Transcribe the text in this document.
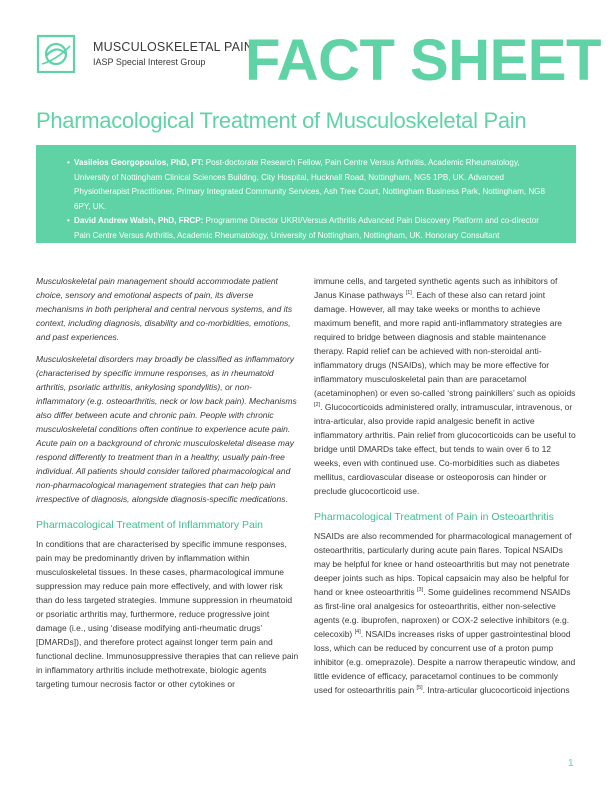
MUSCULOSKELETAL PAIN
IASP Special Interest Group FACT SHEET
Pharmacological Treatment of Musculoskeletal Pain
• Vasileios Georgopoulos, PhD, PT: Post-doctorate Research Fellow, Pain Centre Versus Arthritis, Academic Rheumatology, University of Nottingham Clinical Sciences Building, City Hospital, Hucknall Road, Nottingham, NG5 1PB, UK. Advanced Physiotherapist Practitioner, Primary Integrated Community Services, Ash Tree Court, Nottingham Business Park, Nottingham, NG8 6PY, UK.
• David Andrew Walsh, PhD, FRCP: Programme Director UKRI/Versus Arthritis Advanced Pain Discovery Platform and co-director Pain Centre Versus Arthritis, Academic Rheumatology, University of Nottingham, Nottingham, UK. Honorary Consultant Rheumatologist, Sherwood Forest Hospitals NHS Foundation Trust, UK.

Musculoskeletal pain management should accommodate patient choice, sensory and emotional aspects of pain, its diverse mechanisms in both peripheral and central nervous systems, and its context, including diagnosis, disability and co-morbidities, emotions, and past experiences.

Musculoskeletal disorders may broadly be classified as inflammatory (characterised by specific immune responses, as in rheumatoid arthritis, psoriatic arthritis, ankylosing spondylitis), or non-inflammatory (e.g. osteoarthritis, neck or low back pain). Mechanisms also differ between acute and chronic pain. People with chronic musculoskeletal conditions often continue to experience acute pain. Acute pain on a background of chronic musculoskeletal disease may respond differently to treatment than in a healthy, usually pain-free individual. All patients should consider tailored pharmacological and non-pharmacological management strategies that can help pain irrespective of diagnosis, alongside diagnosis-specific medications.

Pharmacological Treatment of Inflammatory Pain

In conditions that are characterised by specific immune responses, pain may be predominantly driven by inflammation within musculoskeletal tissues. In these cases, pharmacological immune suppression may reduce pain more effectively, and with lower risk than do less targeted strategies. Immune suppression in rheumatoid or psoriatic arthritis may, furthermore, reduce progressive joint damage (i.e., using ‘disease modifying anti-rheumatic drugs’ [DMARDs]), and therefore protect against longer term pain and functional decline. Immunosuppressive therapies that can relieve pain in inflammatory arthritis include methotrexate, biologic agents targeting tumour necrosis factor or other cytokines or

immune cells, and targeted synthetic agents such as inhibitors of Janus Kinase pathways [1]. Each of these also can retard joint damage. However, all may take weeks or months to achieve maximum benefit, and more rapid anti-inflammatory strategies are required to bridge between diagnosis and stable maintenance therapy. Rapid relief can be achieved with non-steroidal anti-inflammatory drugs (NSAIDs), which may be more effective for inflammatory musculoskeletal pain than are paracetamol (acetaminophen) or even so-called ‘strong painkillers’ such as opioids [2]. Glucocorticoids administered orally, intramuscular, intravenous, or intra-articular, also provide rapid analgesic benefit in active inflammatory arthritis. Pain relief from glucocorticoids can be useful to bridge until DMARDs take effect, but tends to wain over 6 to 12 weeks, even with continued use. Co-morbidities such as diabetes mellitus, cardiovascular disease or osteoporosis can hinder or preclude glucocorticoid use.

Pharmacological Treatment of Pain in Osteoarthritis

NSAIDs are also recommended for pharmacological management of osteoarthritis, particularly during acute pain flares. Topical NSAIDs may be helpful for knee or hand osteoarthritis but may not penetrate deeper joints such as hips. Topical capsaicin may also be helpful for hand or knee osteoarthritis [3]. Some guidelines recommend NSAIDs as first-line oral analgesics for osteoarthritis, either non-selective agents (e.g. ibuprofen, naproxen) or COX-2 selective inhibitors (e.g. celecoxib) [4]. NSAIDs increases risks of upper gastrointestinal blood loss, which can be reduced by concurrent use of a proton pump inhibitor (e.g. omeprazole). Despite a narrow therapeutic window, and little evidence of efficacy, paracetamol continues to be commonly used for osteoarthritis pain [5]. Intra-articular glucocorticoid injections

1
